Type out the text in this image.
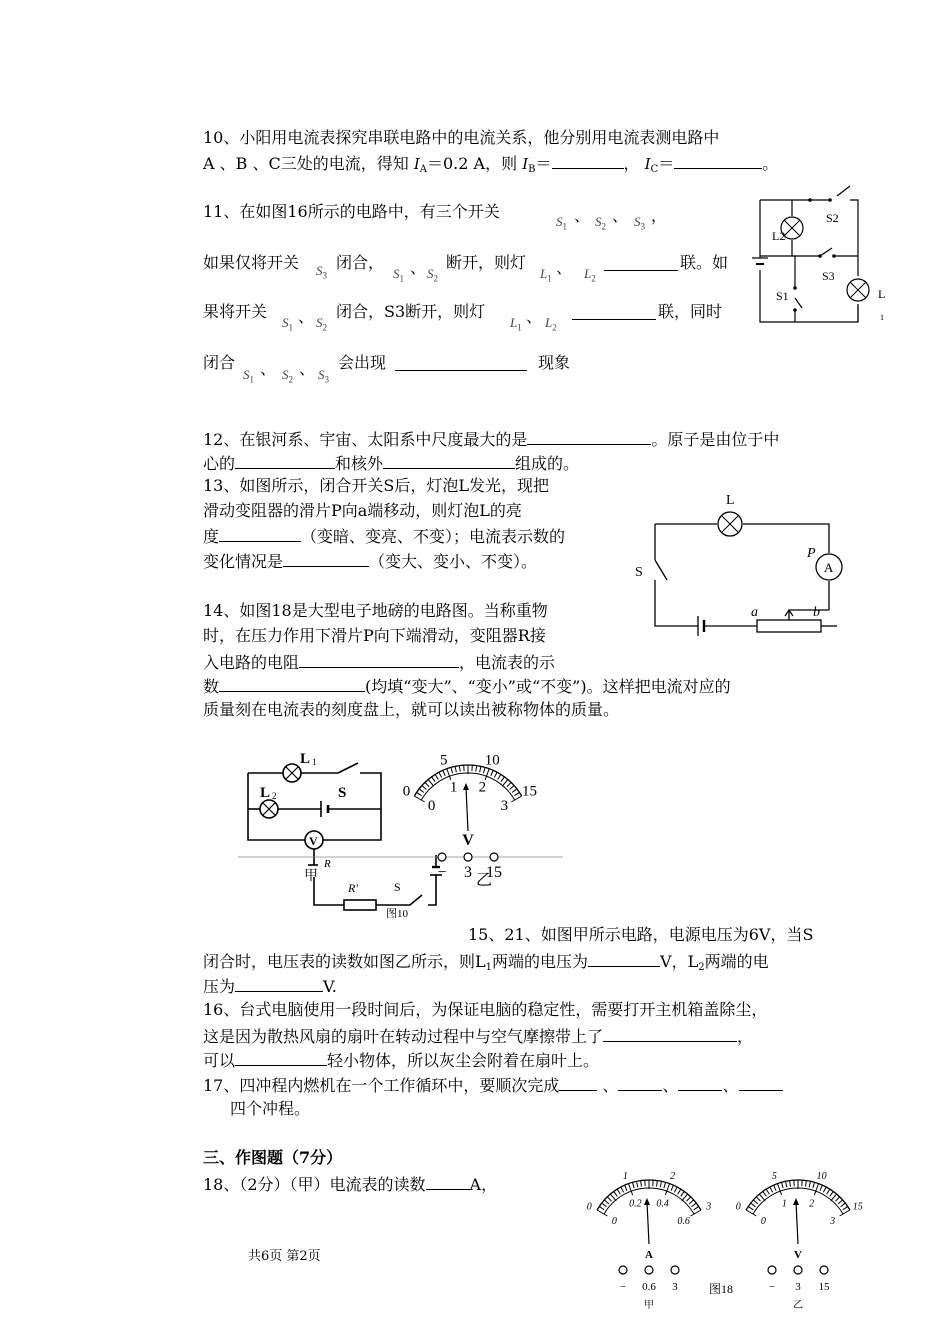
10、小阳用电流表探究串联电路中的电流关系，他分别用电流表测电路中
A 、B 、C三处的电流，得知 $I_A=0.2$ A，则 $I_B=$	， $I_C=$	。
11、在如图16所示的电路中，有三个开关
$S_1$
、 $S_2$
、 $S_3$
，
如果仅将开关 $S_3$
闭合，
$S_1$
、 $S_2$
断开，则灯
$L_1$
、 $L_2$
联。如
果将开关
$S_1$
、 $S_2$
闭合，S3断开，则灯
$L_1$
、 $L_2$
联，同时
闭合
$S_1$
、 $S_2$
、 $S_3$
会出现	现象
L2
S2
S3
S1	L
1
12、在银河系、宇宙、太阳系中尺度最大的是	。原子是由位于中
心的	和核外	组成的。
13、如图所示，闭合开关S后，灯泡L发光，现把
滑动变阻器的滑片P向a端移动，则灯泡L的亮
度	（变暗、变亮、不变）；电流表示数的
变化情况是	（变大、变小、不变）。	A
L
P
S
a	b
14、如图18是大型电子地磅的电路图。当称重物
时，在压力作用下滑片P向下端滑动，变阻器R接
入电路的电阻	，电流表的示
数	(均填“变大”、“变小”或“不变”)。这样把电流对应的
质量刻在电流表的刻度盘上，就可以读出被称物体的质量。
V
L 1
L 2	S
甲
R
R′	S
图10
乙
0
5 10
15
0
1 2
3
V
− 3 15
15、21、如图甲所示电路，电源电压为6V，当S
闭合时，电压表的读数如图乙所示，则$L_1$两端的电压为	V，$L_2$两端的电
压为	V.
16、台式电脑使用一段时间后，为保证电脑的稳定性，需要打开主机箱盖除尘，
这是因为散热风扇的扇叶在转动过程中与空气摩擦带上了	，
可以	轻小物体，所以灰尘会附着在扇叶上。
17、四冲程内燃机在一个工作循环中，要顺次完成 、	、	、
四个冲程。
三、作图题（7分）
18、（2分）（甲）电流表的读数	A，
0
1	2
3
0
0.2 0.4
0.6
A
− 0.6 3
甲
0
5	10
15
0
1 2
3
V
− 3 15
乙
图18
共6页 第2页
